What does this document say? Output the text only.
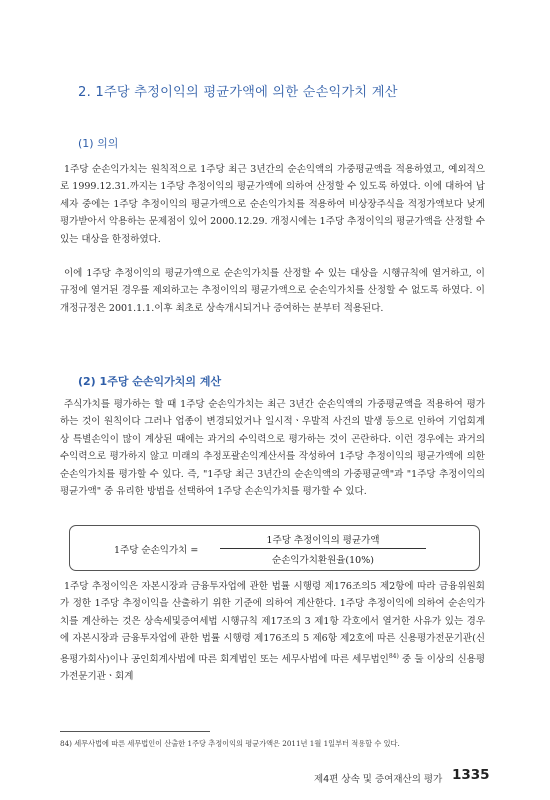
2. 1주당 추정이익의 평균가액에 의한 순손익가치 계산
(1) 의의

1주당 순손익가치는 원칙적으로 1주당 최근 3년간의 순손익액의 가중평균액을 적용하였고, 예외적으로 1999.12.31.까지는 1주당 추정이익의 평균가액에 의하여 산정할 수 있도록 하였다. 이에 대하여 납세자 중에는 1주당 추정이익의 평균가액으로 순손익가치를 적용하여 비상장주식을 적정가액보다 낮게 평가받아서 악용하는 문제점이 있어 2000.12.29. 개정시에는 1주당 추정이익의 평균가액을 산정할 수 있는 대상을 한정하였다.

이에 1주당 추정이익의 평균가액으로 순손익가치를 산정할 수 있는 대상을 시행규칙에 열거하고, 이 규정에 열거된 경우를 제외하고는 추정이익의 평균가액으로 순손익가치를 산정할 수 없도록 하였다. 이 개정규정은 2001.1.1.이후 최초로 상속개시되거나 증여하는 분부터 적용된다.

(2) 1주당 순손익가치의 계산

주식가치를 평가하는 할 때 1주당 순손익가치는 최근 3년간 순손익액의 가중평균액을 적용하여 평가하는 것이 원칙이다 그러나 업종이 변경되었거나 일시적ㆍ우발적 사건의 발생 등으로 인하여 기업회계상 특별손익이 많이 계상된 때에는 과거의 수익력으로 평가하는 것이 곤란하다. 이런 경우에는 과거의 수익력으로 평가하지 않고 미래의 추정포괄손익계산서를 작성하여 1주당 추정이익의 평균가액에 의한 순손익가치를 평가할 수 있다. 즉, "1주당 최근 3년간의 순손익액의 가중평균액"과 "1주당 추정이익의 평균가액" 중 유리한 방법을 선택하여 1주당 손손익가치를 평가할 수 있다.

1주당 순손익가치 =
1주당 추정이익의 평균가액
순손익가치환원율(10%)

1주당 추정이익은 자본시장과 금융투자업에 관한 법률 시행령 제176조의5 제2항에 따라 금융위원회가 정한 1주당 추정이익을 산출하기 위한 기준에 의하여 계산한다. 1주당 추정이익에 의하여 순손익가치를 계산하는 것은 상속세및증여세법 시행규칙 제17조의 3 제1항 각호에서 열거한 사유가 있는 경우에 자본시장과 금융투자업에 관한 법률 시행령 제176조의 5 제6항 제2호에 따른 신용평가전문기관(신용평가회사)이나 공인회계사법에 따른 회계법인 또는 세무사법에 따른 세무법인$^{84)}$ 중 둘 이상의 신용평가전문기관ㆍ회계

84) 세무사법에 따른 세무법인이 산출한 1주당 추정이익의 평균가액은 2011년 1월 1일부터 적용할 수 있다.
제4편 상속 및 증여재산의 평가 1335
